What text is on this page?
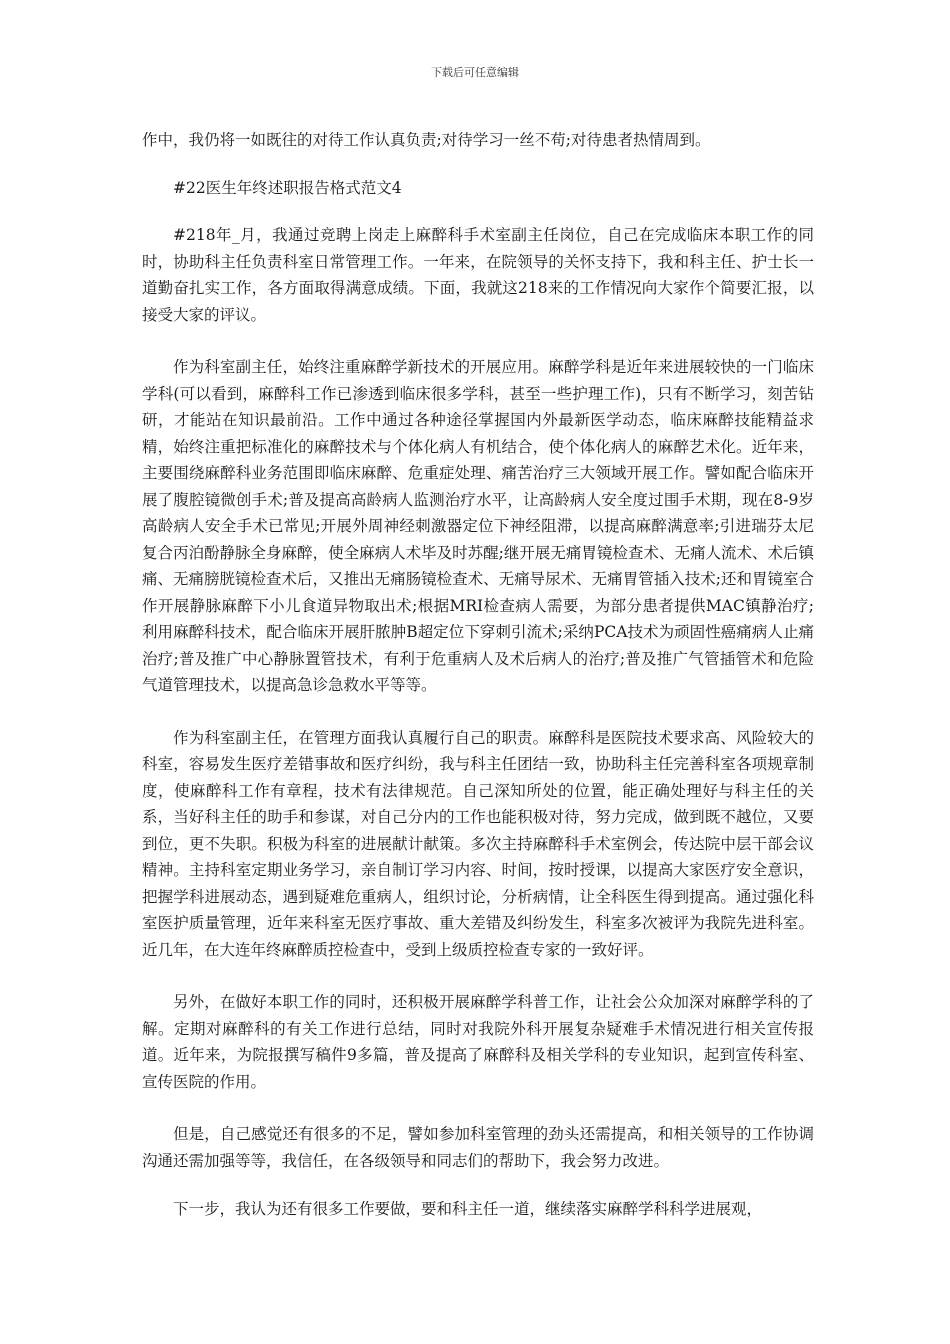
下载后可任意编辑

作中，我仍将一如既往的对待工作认真负责;对待学习一丝不苟;对待患者热情周到。

#22医生年终述职报告格式范文4

#218年_月，我通过竞聘上岗走上麻醉科手术室副主任岗位，自己在完成临床本职工作的同时，协助科主任负责科室日常管理工作。一年来，在院领导的关怀支持下，我和科主任、护士长一道勤奋扎实工作，各方面取得满意成绩。下面，我就这218来的工作情况向大家作个简要汇报，以接受大家的评议。

作为科室副主任，始终注重麻醉学新技术的开展应用。麻醉学科是近年来进展较快的一门临床学科(可以看到，麻醉科工作已渗透到临床很多学科，甚至一些护理工作)，只有不断学习，刻苦钻研，才能站在知识最前沿。工作中通过各种途径掌握国内外最新医学动态，临床麻醉技能精益求精，始终注重把标准化的麻醉技术与个体化病人有机结合，使个体化病人的麻醉艺术化。近年来，主要围绕麻醉科业务范围即临床麻醉、危重症处理、痛苦治疗三大领域开展工作。譬如配合临床开展了腹腔镜微创手术;普及提高高龄病人监测治疗水平，让高龄病人安全度过围手术期，现在8-9岁高龄病人安全手术已常见;开展外周神经刺激器定位下神经阻滞，以提高麻醉满意率;引进瑞芬太尼复合丙泊酚静脉全身麻醉，使全麻病人术毕及时苏醒;继开展无痛胃镜检查术、无痛人流术、术后镇痛、无痛膀胱镜检查术后，又推出无痛肠镜检查术、无痛导尿术、无痛胃管插入技术;还和胃镜室合作开展静脉麻醉下小儿食道异物取出术;根据MRI检查病人需要，为部分患者提供MAC镇静治疗;利用麻醉科技术，配合临床开展肝脓肿B超定位下穿刺引流术;采纳PCA技术为顽固性癌痛病人止痛治疗;普及推广中心静脉置管技术，有利于危重病人及术后病人的治疗;普及推广气管插管术和危险气道管理技术，以提高急诊急救水平等等。

作为科室副主任，在管理方面我认真履行自己的职责。麻醉科是医院技术要求高、风险较大的科室，容易发生医疗差错事故和医疗纠纷，我与科主任团结一致，协助科主任完善科室各项规章制度，使麻醉科工作有章程，技术有法律规范。自己深知所处的位置，能正确处理好与科主任的关系，当好科主任的助手和参谋，对自己分内的工作也能积极对待，努力完成，做到既不越位，又要到位，更不失职。积极为科室的进展献计献策。多次主持麻醉科手术室例会，传达院中层干部会议精神。主持科室定期业务学习，亲自制订学习内容、时间，按时授课，以提高大家医疗安全意识，把握学科进展动态，遇到疑难危重病人，组织讨论，分析病情，让全科医生得到提高。通过强化科室医护质量管理，近年来科室无医疗事故、重大差错及纠纷发生，科室多次被评为我院先进科室。近几年，在大连年终麻醉质控检查中，受到上级质控检查专家的一致好评。

另外，在做好本职工作的同时，还积极开展麻醉学科普工作，让社会公众加深对麻醉学科的了解。定期对麻醉科的有关工作进行总结，同时对我院外科开展复杂疑难手术情况进行相关宣传报道。近年来，为院报撰写稿件9多篇，普及提高了麻醉科及相关学科的专业知识，起到宣传科室、宣传医院的作用。

但是，自己感觉还有很多的不足，譬如参加科室管理的劲头还需提高，和相关领导的工作协调沟通还需加强等等，我信任，在各级领导和同志们的帮助下，我会努力改进。

下一步，我认为还有很多工作要做，要和科主任一道，继续落实麻醉学科科学进展观，
